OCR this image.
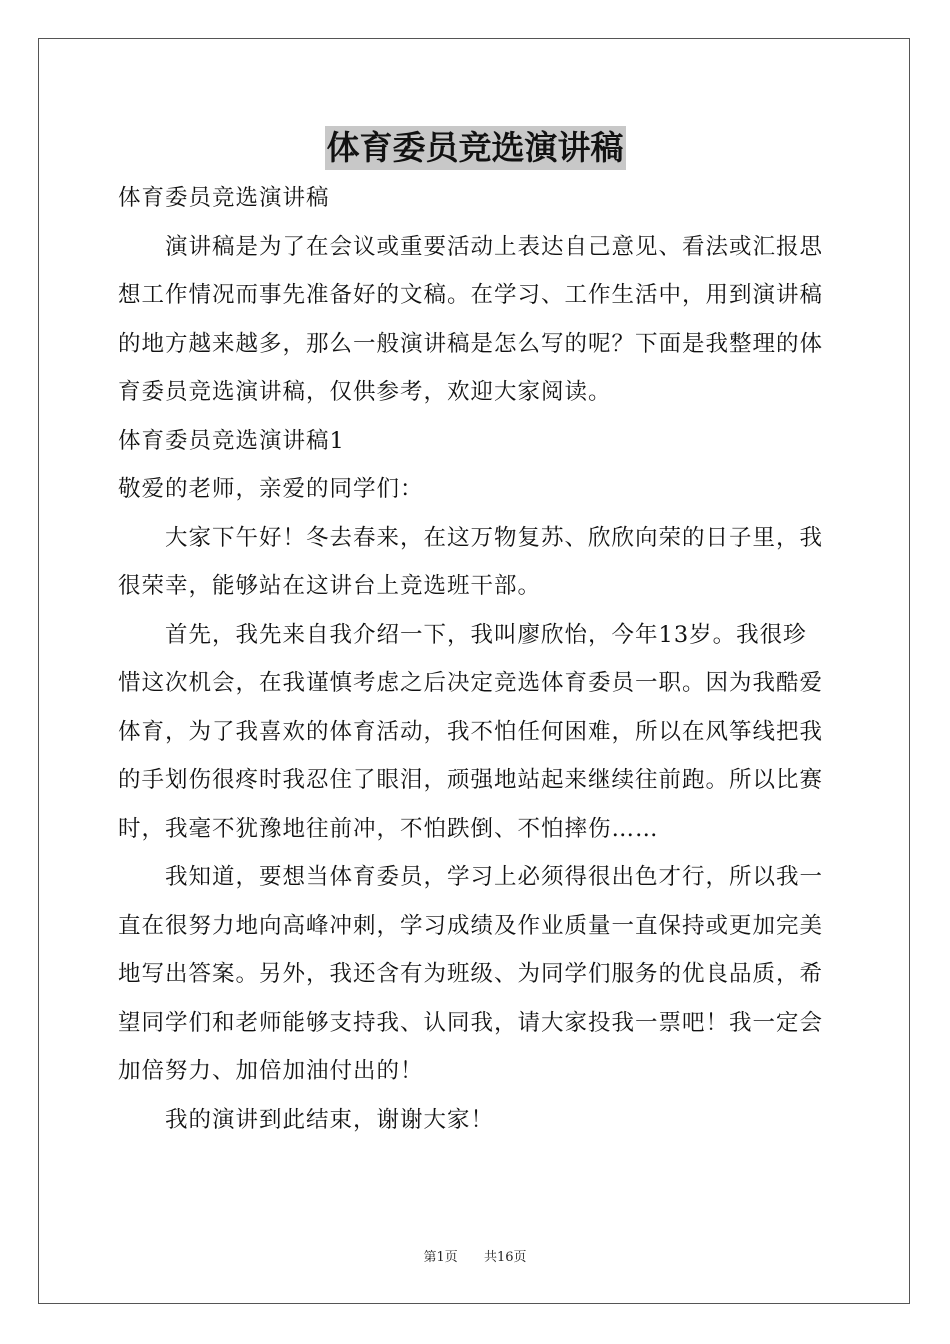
体育委员竞选演讲稿
体育委员竞选演讲稿
演讲稿是为了在会议或重要活动上表达自己意见、看法或汇报思
想工作情况而事先准备好的文稿。在学习、工作生活中，用到演讲稿
的地方越来越多，那么一般演讲稿是怎么写的呢？下面是我整理的体
育委员竞选演讲稿，仅供参考，欢迎大家阅读。
体育委员竞选演讲稿1
敬爱的老师，亲爱的同学们：
大家下午好！冬去春来，在这万物复苏、欣欣向荣的日子里，我
很荣幸，能够站在这讲台上竞选班干部。
首先，我先来自我介绍一下，我叫廖欣怡，今年13岁。我很珍
惜这次机会，在我谨慎考虑之后决定竞选体育委员一职。因为我酷爱
体育，为了我喜欢的体育活动，我不怕任何困难，所以在风筝线把我
的手划伤很疼时我忍住了眼泪，顽强地站起来继续往前跑。所以比赛
时，我毫不犹豫地往前冲，不怕跌倒、不怕摔伤……
我知道，要想当体育委员，学习上必须得很出色才行，所以我一
直在很努力地向高峰冲刺，学习成绩及作业质量一直保持或更加完美
地写出答案。另外，我还含有为班级、为同学们服务的优良品质，希
望同学们和老师能够支持我、认同我，请大家投我一票吧！我一定会
加倍努力、加倍加油付出的！
我的演讲到此结束，谢谢大家！
第1页 共16页
